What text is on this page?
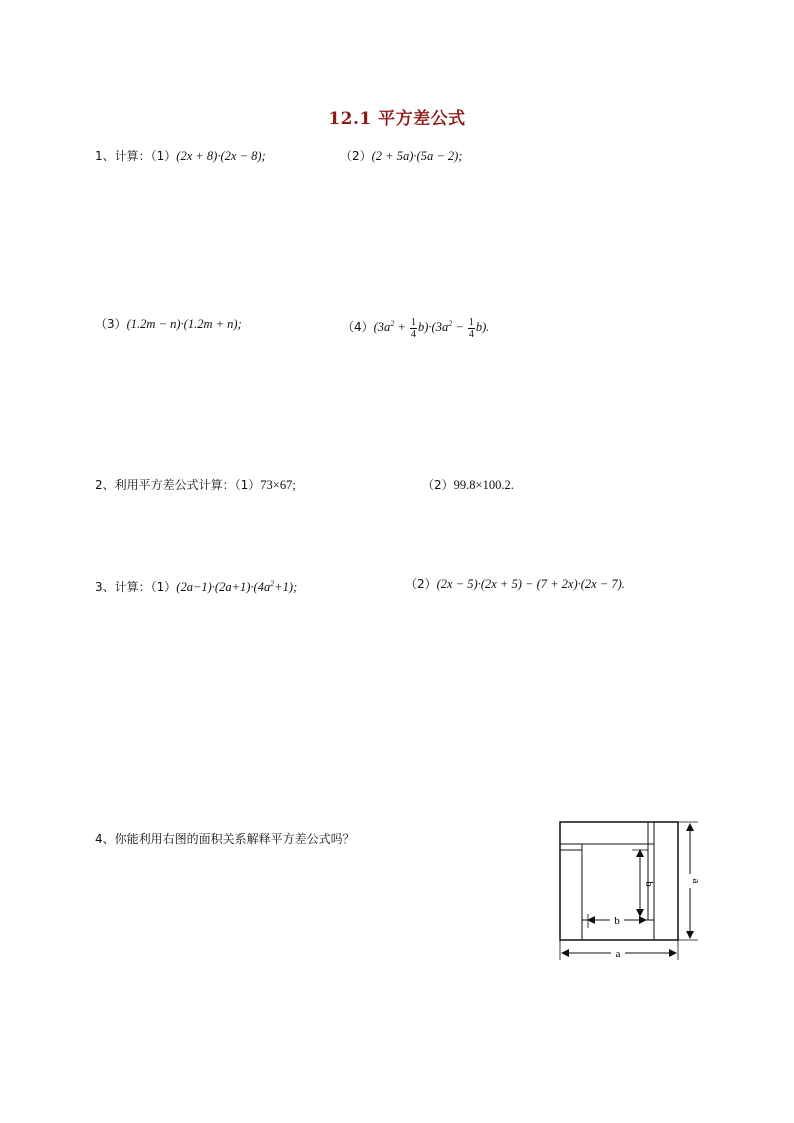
12.1 平方差公式
1、计算：（1）(2x + 8)·(2x − 8);	（2）(2 + 5a)·(5a − 2);
（3）(1.2m − n)·(1.2m + n);	$(4)(3a^2 + \frac{1}{4} b)\cdot(3a^2 - \frac{1}{4} b)$.
2、利用平方差公式计算：（1）73×67;	（2）99.8×100.2.
3、计算：$(1)(2a-1)\cdot(2a+1)\cdot(4a^2+1)$;	（2）(2x − 5)·(2x + 5) − (7 + 2x)·(2x − 7).
4、你能利用右图的面积关系解释平方差公式吗？
b
b
a
a
